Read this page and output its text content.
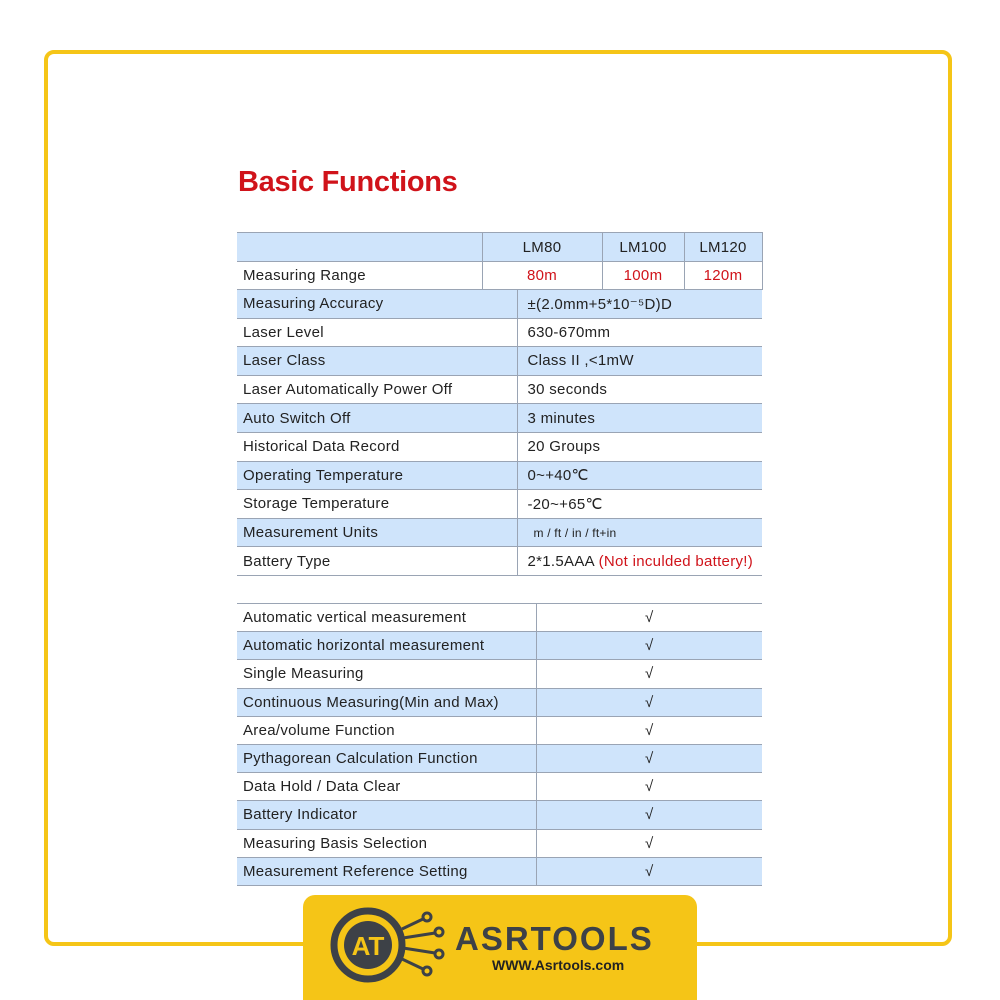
Basic Functions
	LM80		LM100	LM120	
Measuring Range	80m		100m	120m	
Measuring Accuracy		±(2.0mm+5*10⁻⁵D)D			
Laser Level		630-670mm			
Laser Class		Class II ,<1mW			
Laser Automatically Power Off		30 seconds			
Auto Switch Off		3 minutes			
Historical Data Record		20 Groups			
Operating Temperature		0~+40℃			
Storage Temperature		-20~+65℃			
Measurement Units		m / ft / in / ft+in			
Battery Type		2*1.5AAA (Not inculded battery!)			
Automatic vertical measurement	√
Automatic horizontal measurement	√
Single Measuring	√
Continuous Measuring(Min and Max)	√
Area/volume Function	√
Pythagorean Calculation Function	√
Data Hold / Data Clear	√
Battery Indicator	√
Measuring Basis Selection	√
Measurement Reference Setting	√
AT ASRTOOLS
WWW.Asrtools.com
